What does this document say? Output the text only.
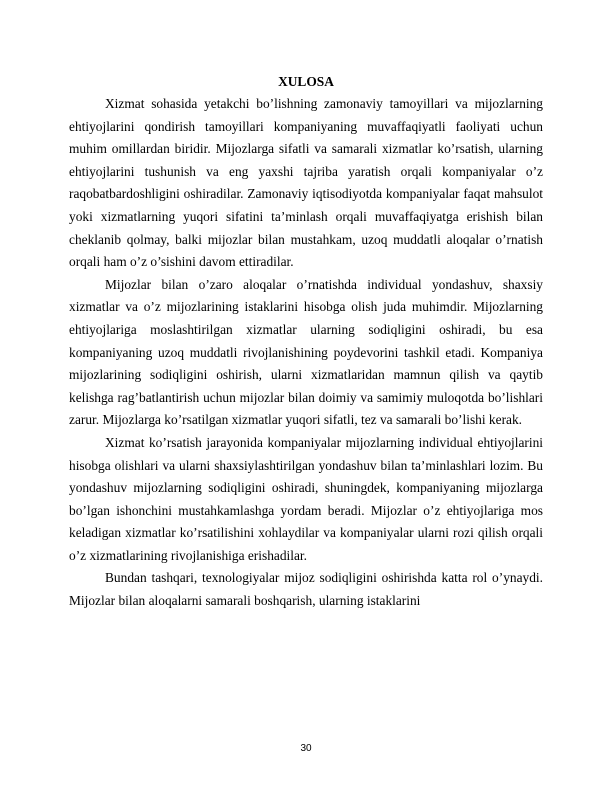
XULOSA

Xizmat sohasida yetakchi bo’lishning zamonaviy tamoyillari va mijozlarning ehtiyojlarini qondirish tamoyillari kompaniyaning muvaffaqiyatli faoliyati uchun muhim omillardan biridir. Mijozlarga sifatli va samarali xizmatlar ko’rsatish, ularning ehtiyojlarini tushunish va eng yaxshi tajriba yaratish orqali kompaniyalar o’z raqobatbardoshligini oshiradilar. Zamonaviy iqtisodiyotda kompaniyalar faqat mahsulot yoki xizmatlarning yuqori sifatini ta’minlash orqali muvaffaqiyatga erishish bilan cheklanib qolmay, balki mijozlar bilan mustahkam, uzoq muddatli aloqalar o’rnatish orqali ham o’z o’sishini davom ettiradilar.

Mijozlar bilan o’zaro aloqalar o’rnatishda individual yondashuv, shaxsiy xizmatlar va o’z mijozlarining istaklarini hisobga olish juda muhimdir. Mijozlarning ehtiyojlariga moslashtirilgan xizmatlar ularning sodiqligini oshiradi, bu esa kompaniyaning uzoq muddatli rivojlanishining poydevorini tashkil etadi. Kompaniya mijozlarining sodiqligini oshirish, ularni xizmatlaridan mamnun qilish va qaytib kelishga rag’batlantirish uchun mijozlar bilan doimiy va samimiy muloqotda bo’lishlari zarur. Mijozlarga ko’rsatilgan xizmatlar yuqori sifatli, tez va samarali bo’lishi kerak.

Xizmat ko’rsatish jarayonida kompaniyalar mijozlarning individual ehtiyojlarini hisobga olishlari va ularni shaxsiylashtirilgan yondashuv bilan ta’minlashlari lozim. Bu yondashuv mijozlarning sodiqligini oshiradi, shuningdek, kompaniyaning mijozlarga bo’lgan ishonchini mustahkamlashga yordam beradi. Mijozlar o’z ehtiyojlariga mos keladigan xizmatlar ko’rsatilishini xohlaydilar va kompaniyalar ularni rozi qilish orqali o’z xizmatlarining rivojlanishiga erishadilar.

Bundan tashqari, texnologiyalar mijoz sodiqligini oshirishda katta rol o’ynaydi. Mijozlar bilan aloqalarni samarali boshqarish, ularning istaklarini

30
